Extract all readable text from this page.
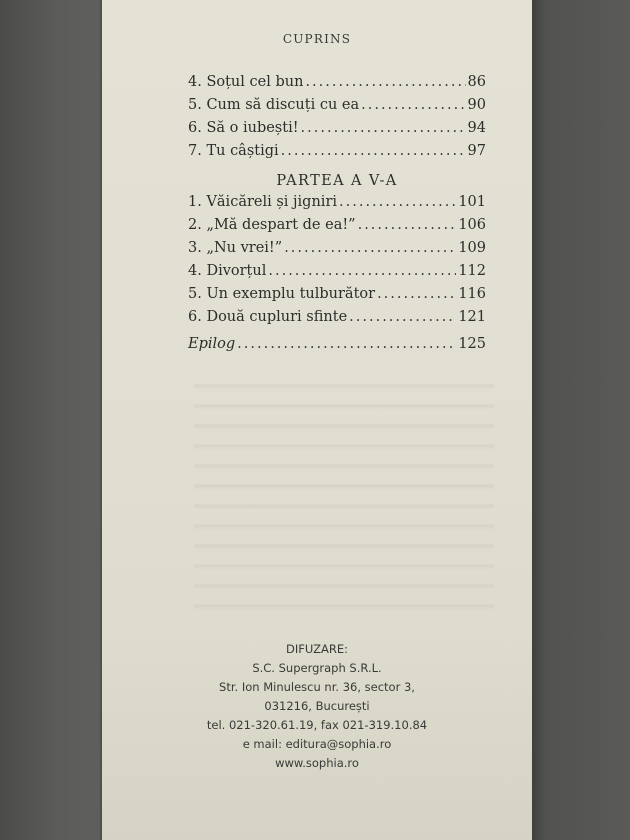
CUPRINS
4. Soțul cel bun .....	86
5. Cum să discuți cu ea .....	90
6. Să o iubești! .....	94
7. Tu câștigi .....	97
PARTEA A V-A
1. Văicăreli și jigniri .....	101
2. „Mă despart de ea!” .....	106
3. „Nu vrei!” .....	109
4. Divorțul .....	112
5. Un exemplu tulburător .....	116
6. Două cupluri sfinte .....	121
Epilog .....	125
DIFUZARE:
S.C. Supergraph S.R.L.
Str. Ion Minulescu nr. 36, sector 3,
031216, București
tel. 021-320.61.19, fax 021-319.10.84
e mail: editura@sophia.ro
www.sophia.ro
